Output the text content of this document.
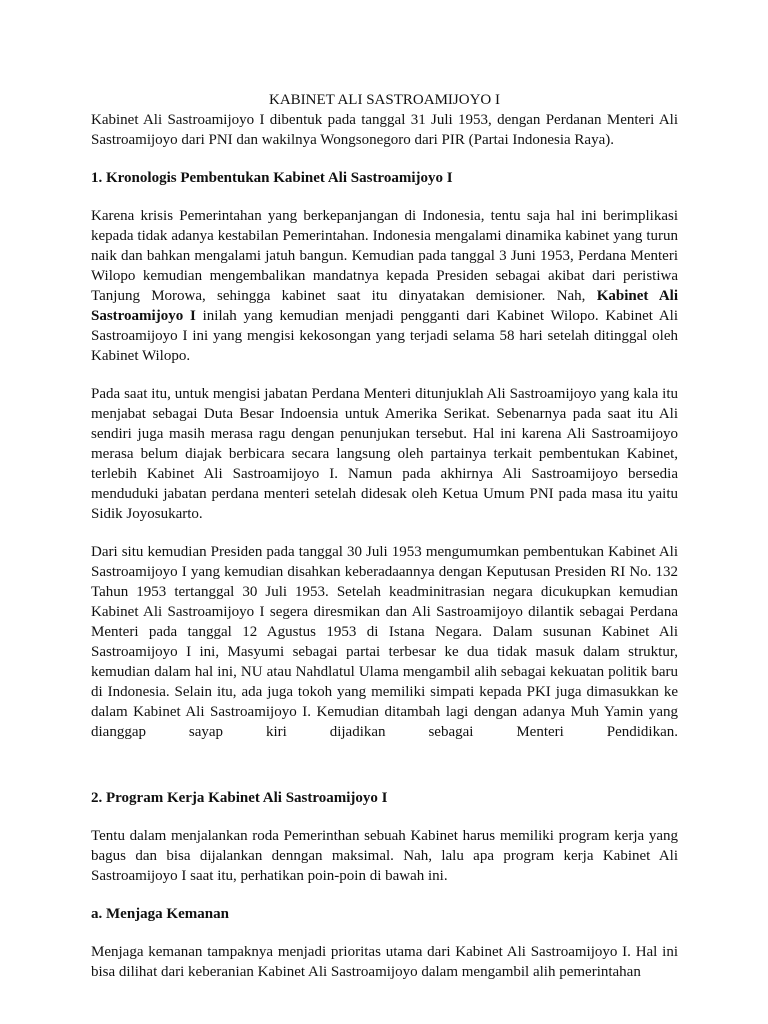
KABINET ALI SASTROAMIJOYO I

Kabinet Ali Sastroamijoyo I dibentuk pada tanggal 31 Juli 1953, dengan Perdanan Menteri Ali Sastroamijoyo dari PNI dan wakilnya Wongsonegoro dari PIR (Partai Indonesia Raya).

1. Kronologis Pembentukan Kabinet Ali Sastroamijoyo I

Karena krisis Pemerintahan yang berkepanjangan di Indonesia, tentu saja hal ini berimplikasi kepada tidak adanya kestabilan Pemerintahan. Indonesia mengalami dinamika kabinet yang turun naik dan bahkan mengalami jatuh bangun. Kemudian pada tanggal 3 Juni 1953, Perdana Menteri Wilopo kemudian mengembalikan mandatnya kepada Presiden sebagai akibat dari peristiwa Tanjung Morowa, sehingga kabinet saat itu dinyatakan demisioner. Nah, Kabinet Ali Sastroamijoyo I inilah yang kemudian menjadi pengganti dari Kabinet Wilopo. Kabinet Ali Sastroamijoyo I ini yang mengisi kekosongan yang terjadi selama 58 hari setelah ditinggal oleh Kabinet Wilopo.

Pada saat itu, untuk mengisi jabatan Perdana Menteri ditunjuklah Ali Sastroamijoyo yang kala itu menjabat sebagai Duta Besar Indoensia untuk Amerika Serikat. Sebenarnya pada saat itu Ali sendiri juga masih merasa ragu dengan penunjukan tersebut. Hal ini karena Ali Sastroamijoyo merasa belum diajak berbicara secara langsung oleh partainya terkait pembentukan Kabinet, terlebih Kabinet Ali Sastroamijoyo I. Namun pada akhirnya Ali Sastroamijoyo bersedia menduduki jabatan perdana menteri setelah didesak oleh Ketua Umum PNI pada masa itu yaitu Sidik Joyosukarto.

Dari situ kemudian Presiden pada tanggal 30 Juli 1953 mengumumkan pembentukan Kabinet Ali Sastroamijoyo I yang kemudian disahkan keberadaannya dengan Keputusan Presiden RI No. 132 Tahun 1953 tertanggal 30 Juli 1953. Setelah keadminitrasian negara dicukupkan kemudian Kabinet Ali Sastroamijoyo I segera diresmikan dan Ali Sastroamijoyo dilantik sebagai Perdana Menteri pada tanggal 12 Agustus 1953 di Istana Negara. Dalam susunan Kabinet Ali Sastroamijoyo I ini, Masyumi sebagai partai terbesar ke dua tidak masuk dalam struktur, kemudian dalam hal ini, NU atau Nahdlatul Ulama mengambil alih sebagai kekuatan politik baru di Indonesia. Selain itu, ada juga tokoh yang memiliki simpati kepada PKI juga dimasukkan ke dalam Kabinet Ali Sastroamijoyo I. Kemudian ditambah lagi dengan adanya Muh Yamin yang dianggap sayap kiri dijadikan sebagai Menteri Pendidikan.

2. Program Kerja Kabinet Ali Sastroamijoyo I

Tentu dalam menjalankan roda Pemerinthan sebuah Kabinet harus memiliki program kerja yang bagus dan bisa dijalankan denngan maksimal. Nah, lalu apa program kerja Kabinet Ali Sastroamijoyo I saat itu, perhatikan poin-poin di bawah ini.

a. Menjaga Kemanan

Menjaga kemanan tampaknya menjadi prioritas utama dari Kabinet Ali Sastroamijoyo I. Hal ini bisa dilihat dari keberanian Kabinet Ali Sastroamijoyo dalam mengambil alih pemerintahan
